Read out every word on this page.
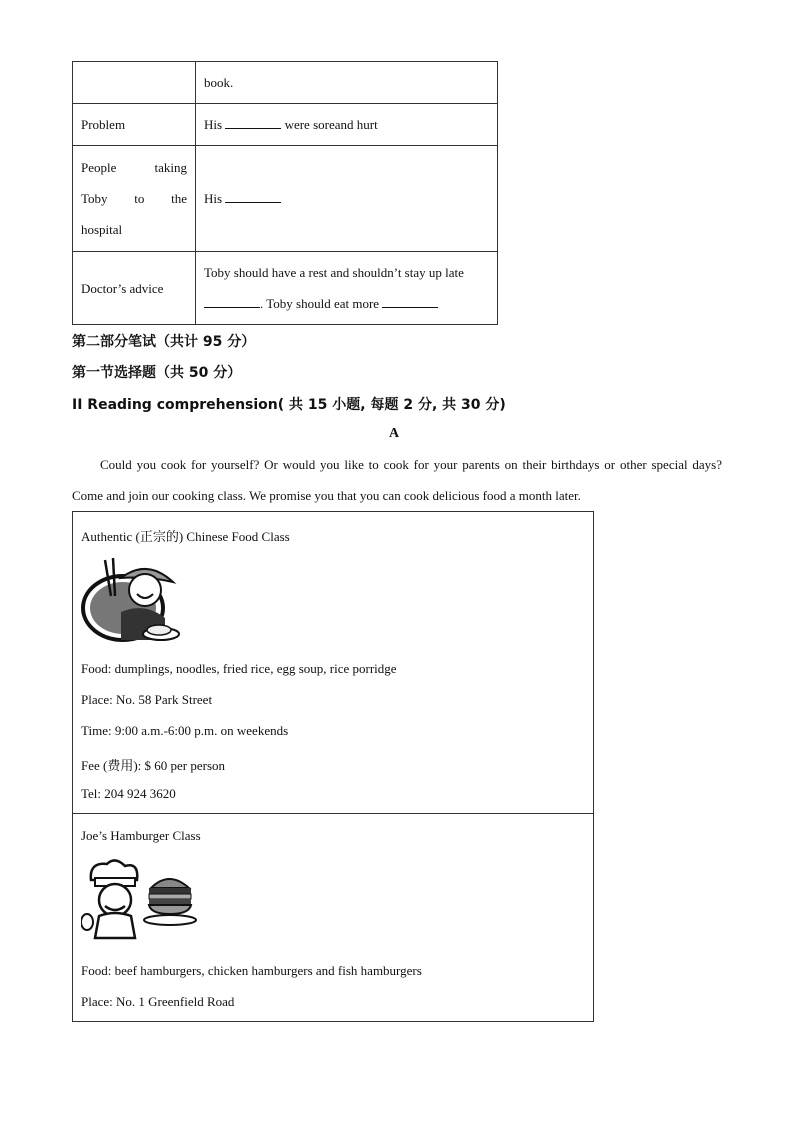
	book.
Problem	His were soreand hurt

People taking
Toby to the
hospital	His
Doctor’s advice	Toby should have a rest and shouldn’t stay up late
. Toby should eat more
第二部分笔试（共计 95 分）
第一节选择题（共 50 分）
II Reading comprehension( 共 15 小题, 每题 2 分, 共 30 分)
A
Could you cook for yourself? Or would you like to cook for your parents on their birthdays or other special days? Come and join our cooking class. We promise you that you can cook delicious food a month later.
Authentic (正宗的) Chinese Food Class
Food: dumplings, noodles, fried rice, egg soup, rice porridge
Place: No. 58 Park Street
Time: 9:00 a.m.-6:00 p.m. on weekends
Fee (费用): $ 60 per person
Tel: 204 924 3620
Joe’s Hamburger Class
Food: beef hamburgers, chicken hamburgers and fish hamburgers
Place: No. 1 Greenfield Road
